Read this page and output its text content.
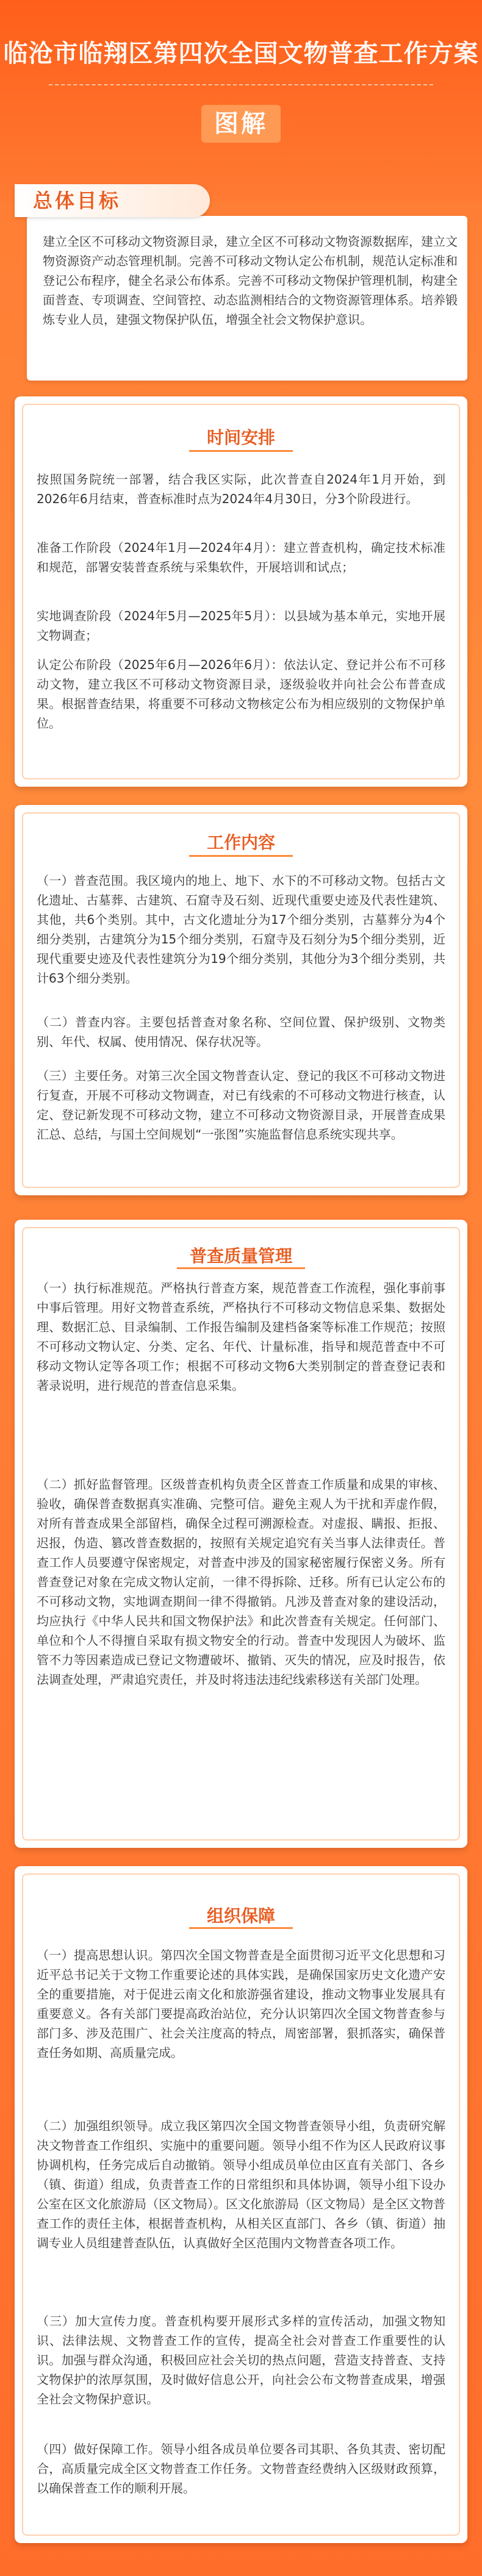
临沧市临翔区第四次全国文物普查工作方案
图解
总体目标

建立全区不可移动文物资源目录，建立全区不可移动文物资源数据库，建立文物资源资产动态管理机制。完善不可移动文物认定公布机制，规范认定标准和登记公布程序，健全名录公布体系。完善不可移动文物保护管理机制，构建全面普查、专项调查、空间管控、动态监测相结合的文物资源管理体系。培养锻炼专业人员，建强文物保护队伍，增强全社会文物保护意识。

时间安排

按照国务院统一部署，结合我区实际，此次普查自2024年1月开始，到2026年6月结束，普查标准时点为2024年4月30日，分3个阶段进行。

准备工作阶段（2024年1月—2024年4月）：建立普查机构，确定技术标准和规范，部署安装普查系统与采集软件，开展培训和试点；

实地调查阶段（2024年5月—2025年5月）：以县域为基本单元，实地开展文物调查；

认定公布阶段（2025年6月—2026年6月）：依法认定、登记并公布不可移动文物，建立我区不可移动文物资源目录，逐级验收并向社会公布普查成果。根据普查结果，将重要不可移动文物核定公布为相应级别的文物保护单位。

工作内容

（一）普查范围。我区境内的地上、地下、水下的不可移动文物。包括古文化遗址、古墓葬、古建筑、石窟寺及石刻、近现代重要史迹及代表性建筑、其他，共6个类别。其中，古文化遗址分为17个细分类别，古墓葬分为4个细分类别，古建筑分为15个细分类别，石窟寺及石刻分为5个细分类别，近现代重要史迹及代表性建筑分为19个细分类别，其他分为3个细分类别，共计63个细分类别。

（二）普查内容。主要包括普查对象名称、空间位置、保护级别、文物类别、年代、权属、使用情况、保存状况等。

（三）主要任务。对第三次全国文物普查认定、登记的我区不可移动文物进行复查，开展不可移动文物调查，对已有线索的不可移动文物进行核查，认定、登记新发现不可移动文物，建立不可移动文物资源目录，开展普查成果汇总、总结，与国土空间规划“一张图”实施监督信息系统实现共享。

普查质量管理

（一）执行标准规范。严格执行普查方案，规范普查工作流程，强化事前事中事后管理。用好文物普查系统，严格执行不可移动文物信息采集、数据处理、数据汇总、目录编制、工作报告编制及建档备案等标准工作规范；按照不可移动文物认定、分类、定名、年代、计量标准，指导和规范普查中不可移动文物认定等各项工作；根据不可移动文物6大类别制定的普查登记表和著录说明，进行规范的普查信息采集。

（二）抓好监督管理。区级普查机构负责全区普查工作质量和成果的审核、验收，确保普查数据真实准确、完整可信。避免主观人为干扰和弄虚作假，对所有普查成果全部留档，确保全过程可溯源检查。对虚报、瞒报、拒报、迟报，伪造、篡改普查数据的，按照有关规定追究有关当事人法律责任。普查工作人员要遵守保密规定，对普查中涉及的国家秘密履行保密义务。所有普查登记对象在完成文物认定前，一律不得拆除、迁移。所有已认定公布的不可移动文物，实地调查期间一律不得撤销。凡涉及普查对象的建设活动，均应执行《中华人民共和国文物保护法》和此次普查有关规定。任何部门、单位和个人不得擅自采取有损文物安全的行动。普查中发现因人为破坏、监管不力等因素造成已登记文物遭破坏、撤销、灭失的情况，应及时报告，依法调查处理，严肃追究责任，并及时将违法违纪线索移送有关部门处理。

组织保障

（一）提高思想认识。第四次全国文物普查是全面贯彻习近平文化思想和习近平总书记关于文物工作重要论述的具体实践，是确保国家历史文化遗产安全的重要措施，对于促进云南文化和旅游强省建设，推动文物事业发展具有重要意义。各有关部门要提高政治站位，充分认识第四次全国文物普查参与部门多、涉及范围广、社会关注度高的特点，周密部署，狠抓落实，确保普查任务如期、高质量完成。

（二）加强组织领导。成立我区第四次全国文物普查领导小组，负责研究解决文物普查工作组织、实施中的重要问题。领导小组不作为区人民政府议事协调机构，任务完成后自动撤销。领导小组成员单位由区直有关部门、各乡（镇、街道）组成，负责普查工作的日常组织和具体协调，领导小组下设办公室在区文化旅游局（区文物局）。区文化旅游局（区文物局）是全区文物普查工作的责任主体，根据普查机构，从相关区直部门、各乡（镇、街道）抽调专业人员组建普查队伍，认真做好全区范围内文物普查各项工作。

（三）加大宣传力度。普查机构要开展形式多样的宣传活动，加强文物知识、法律法规、文物普查工作的宣传，提高全社会对普查工作重要性的认识。加强与群众沟通，积极回应社会关切的热点问题，营造支持普查、支持文物保护的浓厚氛围，及时做好信息公开，向社会公布文物普查成果，增强全社会文物保护意识。

（四）做好保障工作。领导小组各成员单位要各司其职、各负其责、密切配合，高质量完成全区文物普查工作任务。文物普查经费纳入区级财政预算，以确保普查工作的顺利开展。
